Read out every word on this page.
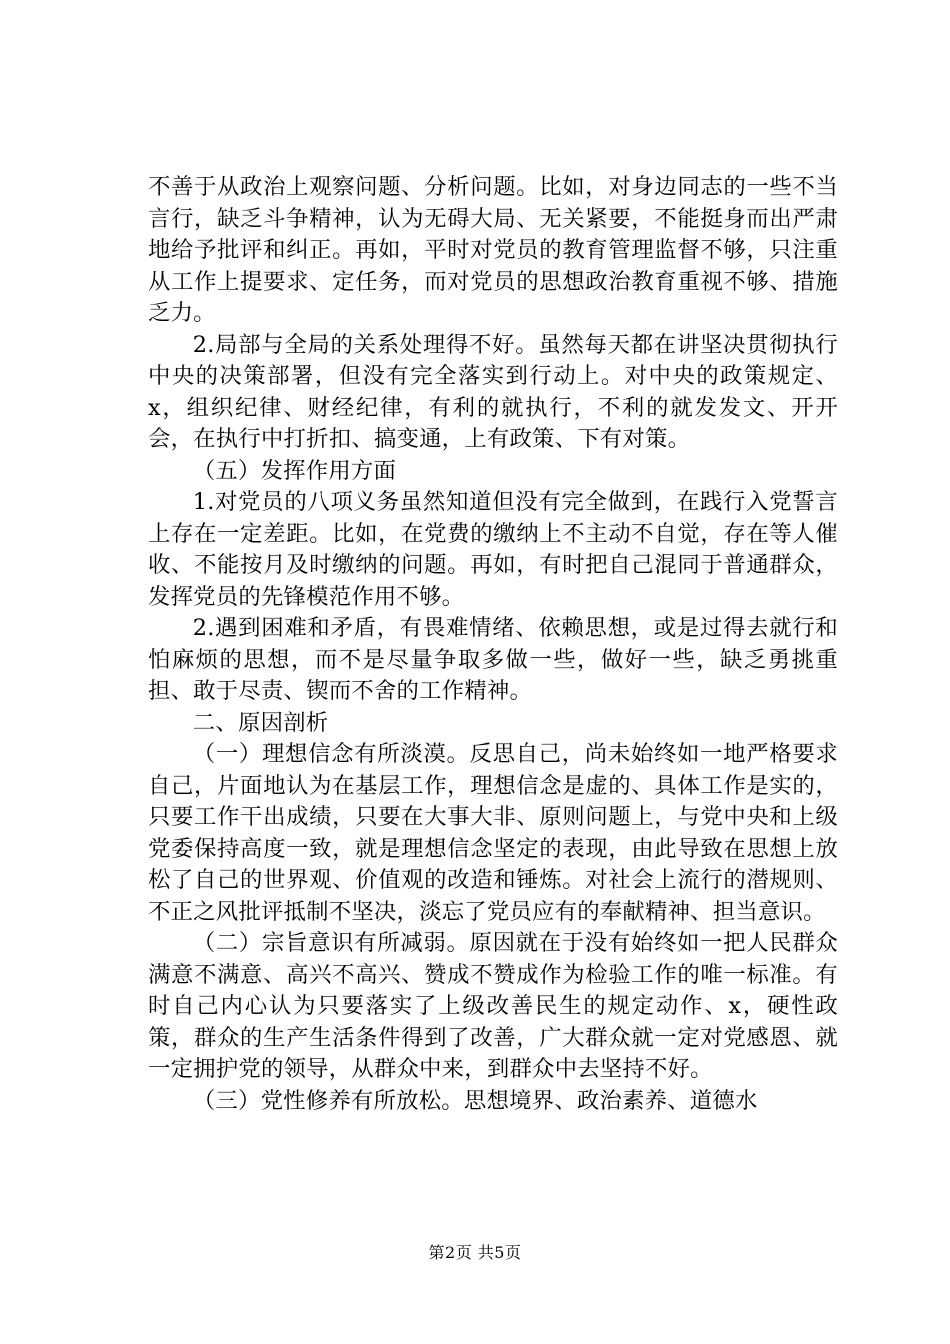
不善于从政治上观察问题、分析问题。比如，对身边同志的一些不当言行，缺乏斗争精神，认为无碍大局、无关紧要，不能挺身而出严肃地给予批评和纠正。再如，平时对党员的教育管理监督不够，只注重从工作上提要求、定任务，而对党员的思想政治教育重视不够、措施乏力。

2.局部与全局的关系处理得不好。虽然每天都在讲坚决贯彻执行中央的决策部署，但没有完全落实到行动上。对中央的政策规定、x，组织纪律、财经纪律，有利的就执行，不利的就发发文、开开会，在执行中打折扣、搞变通，上有政策、下有对策。

（五）发挥作用方面

1.对党员的八项义务虽然知道但没有完全做到，在践行入党誓言上存在一定差距。比如，在党费的缴纳上不主动不自觉，存在等人催收、不能按月及时缴纳的问题。再如，有时把自己混同于普通群众，发挥党员的先锋模范作用不够。

2.遇到困难和矛盾，有畏难情绪、依赖思想，或是过得去就行和怕麻烦的思想，而不是尽量争取多做一些，做好一些，缺乏勇挑重担、敢于尽责、锲而不舍的工作精神。

二、原因剖析

（一）理想信念有所淡漠。反思自己，尚未始终如一地严格要求自己，片面地认为在基层工作，理想信念是虚的、具体工作是实的，只要工作干出成绩，只要在大事大非、原则问题上，与党中央和上级党委保持高度一致，就是理想信念坚定的表现，由此导致在思想上放松了自己的世界观、价值观的改造和锤炼。对社会上流行的潜规则、不正之风批评抵制不坚决，淡忘了党员应有的奉献精神、担当意识。

（二）宗旨意识有所减弱。原因就在于没有始终如一把人民群众满意不满意、高兴不高兴、赞成不赞成作为检验工作的唯一标准。有时自己内心认为只要落实了上级改善民生的规定动作、x，硬性政策，群众的生产生活条件得到了改善，广大群众就一定对党感恩、就一定拥护党的领导，从群众中来，到群众中去坚持不好。

（三）党性修养有所放松。思想境界、政治素养、道德水

第2页 共5页
